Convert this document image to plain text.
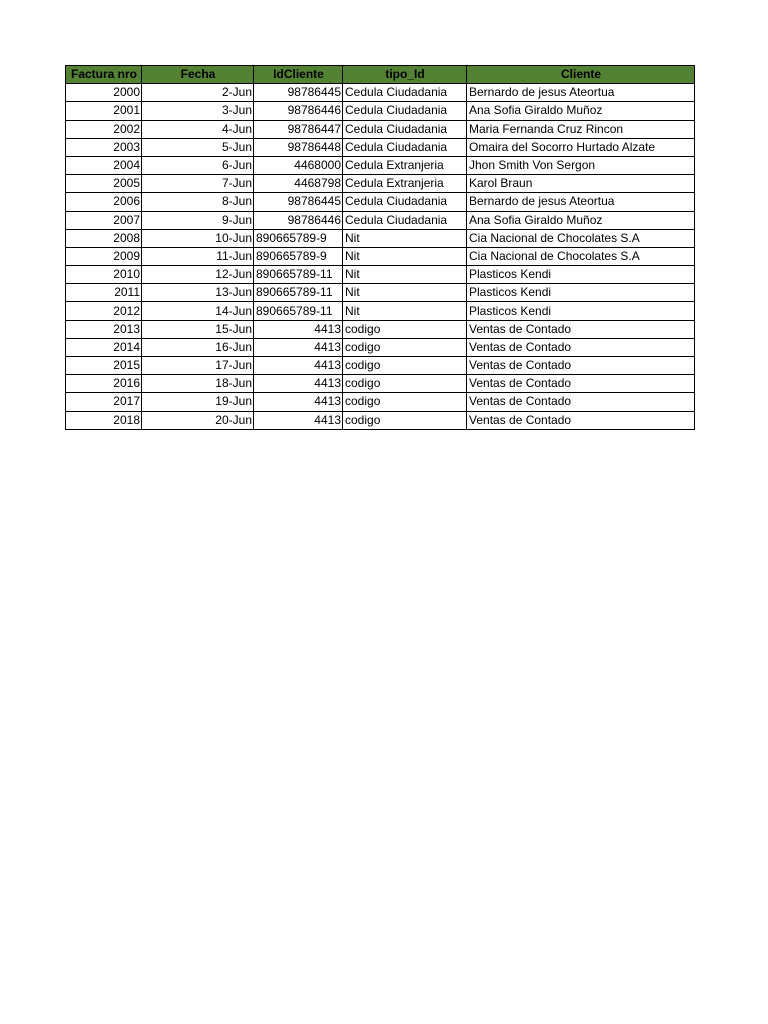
Factura nro	Fecha	IdCliente	tipo_Id	Cliente
2000	2-Jun	98786445	Cedula Ciudadania	Bernardo de jesus Ateortua
2001	3-Jun	98786446	Cedula Ciudadania	Ana Sofia Giraldo Muñoz
2002	4-Jun	98786447	Cedula Ciudadania	Maria Fernanda Cruz Rincon
2003	5-Jun	98786448	Cedula Ciudadania	Omaira del Socorro Hurtado Alzate
2004	6-Jun	4468000	Cedula Extranjeria	Jhon Smith Von Sergon
2005	7-Jun	4468798	Cedula Extranjeria	Karol Braun
2006	8-Jun	98786445	Cedula Ciudadania	Bernardo de jesus Ateortua
2007	9-Jun	98786446	Cedula Ciudadania	Ana Sofia Giraldo Muñoz
2008	10-Jun	890665789-9	Nit	Cia Nacional de Chocolates S.A
2009	11-Jun	890665789-9	Nit	Cia Nacional de Chocolates S.A
2010	12-Jun	890665789-11	Nit	Plasticos Kendi
2011	13-Jun	890665789-11	Nit	Plasticos Kendi
2012	14-Jun	890665789-11	Nit	Plasticos Kendi
2013	15-Jun	4413	codigo	Ventas de Contado
2014	16-Jun	4413	codigo	Ventas de Contado
2015	17-Jun	4413	codigo	Ventas de Contado
2016	18-Jun	4413	codigo	Ventas de Contado
2017	19-Jun	4413	codigo	Ventas de Contado
2018	20-Jun	4413	codigo	Ventas de Contado
